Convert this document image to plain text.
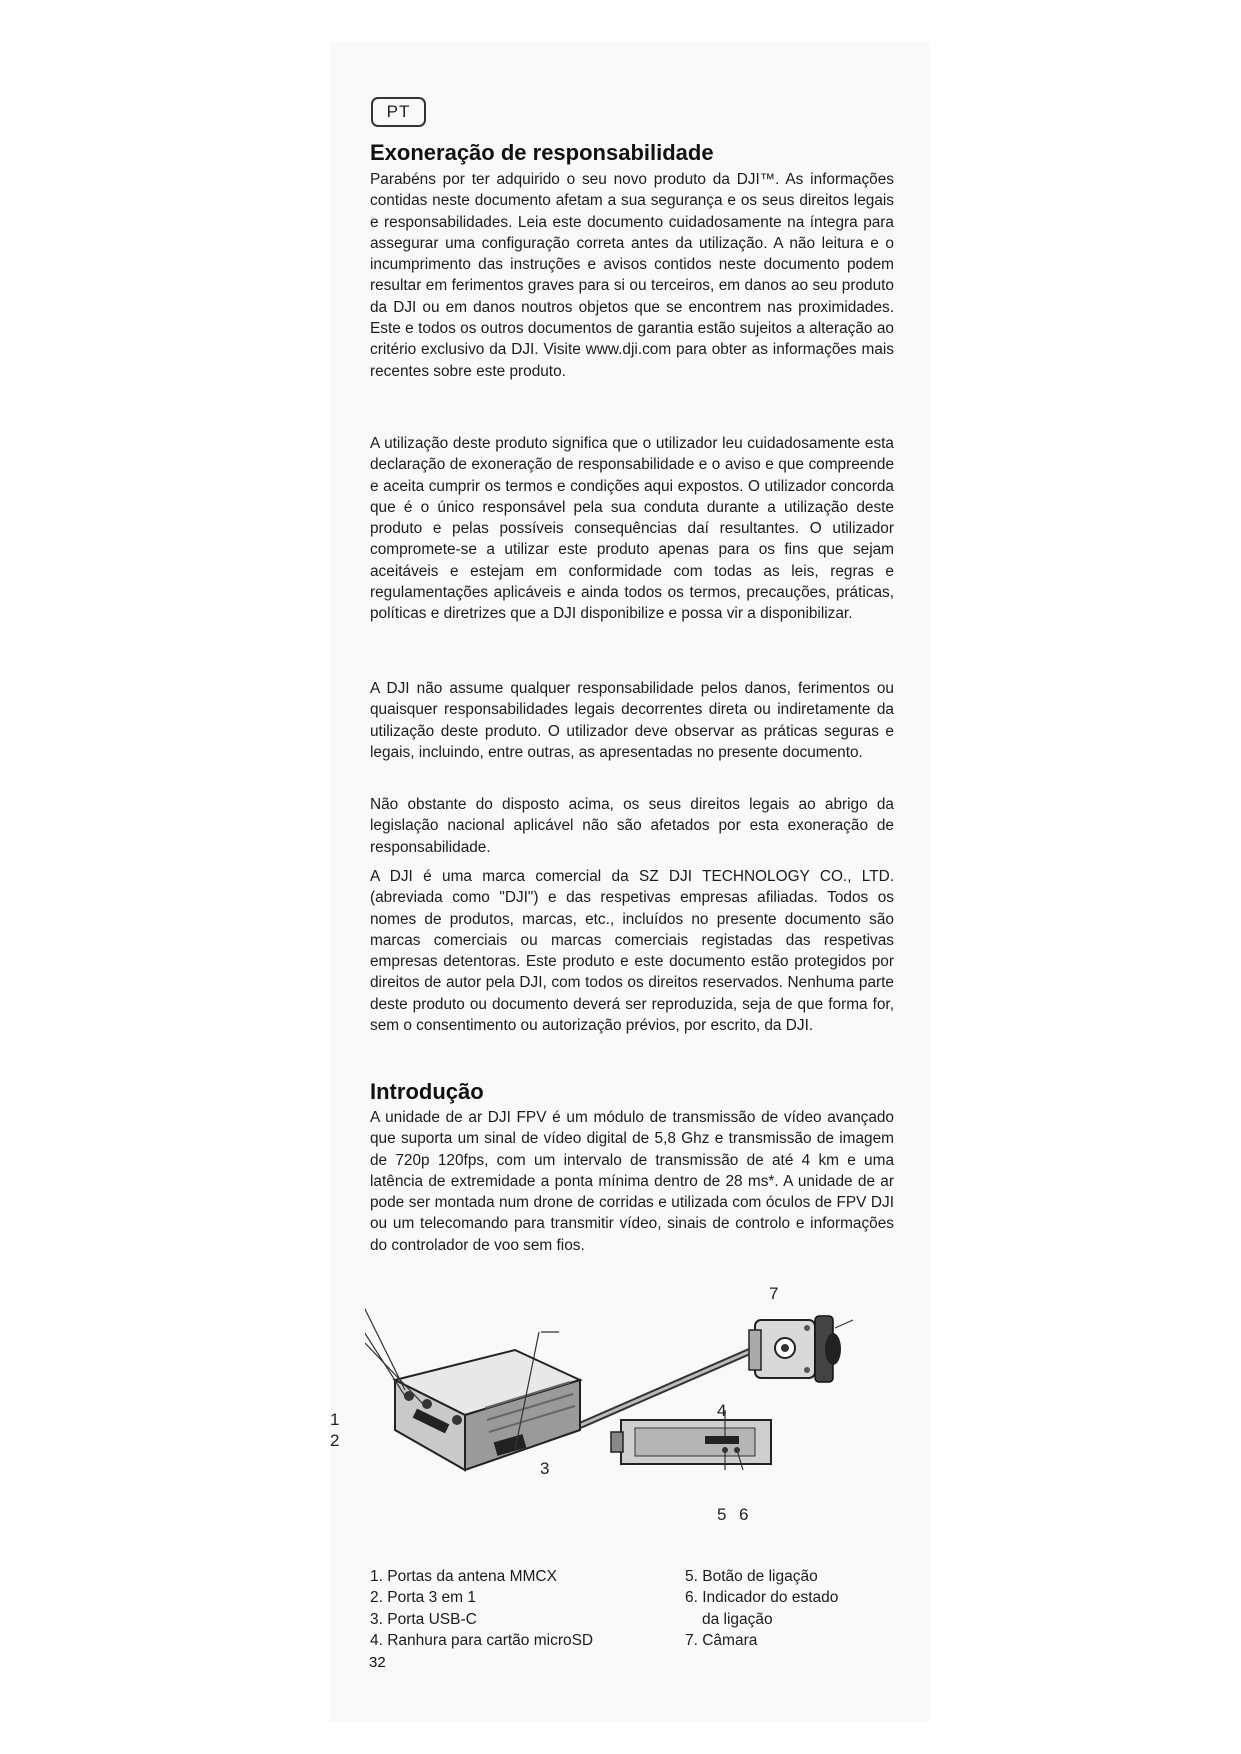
PT
Exoneração de responsabilidade

Parabéns por ter adquirido o seu novo produto da DJI™. As informações contidas neste documento afetam a sua segurança e os seus direitos legais e responsabilidades. Leia este documento cuidadosamente na íntegra para assegurar uma configuração correta antes da utilização. A não leitura e o incumprimento das instruções e avisos contidos neste documento podem resultar em ferimentos graves para si ou terceiros, em danos ao seu produto da DJI ou em danos noutros objetos que se encontrem nas proximidades. Este e todos os outros documentos de garantia estão sujeitos a alteração ao critério exclusivo da DJI. Visite www.dji.com para obter as informações mais recentes sobre este produto.

A utilização deste produto significa que o utilizador leu cuidadosamente esta declaração de exoneração de responsabilidade e o aviso e que compreende e aceita cumprir os termos e condições aqui expostos. O utilizador concorda que é o único responsável pela sua conduta durante a utilização deste produto e pelas possíveis consequências daí resultantes. O utilizador compromete-se a utilizar este produto apenas para os fins que sejam aceitáveis e estejam em conformidade com todas as leis, regras e regulamentações aplicáveis e ainda todos os termos, precauções, práticas, políticas e diretrizes que a DJI disponibilize e possa vir a disponibilizar.

A DJI não assume qualquer responsabilidade pelos danos, ferimentos ou quaisquer responsabilidades legais decorrentes direta ou indiretamente da utilização deste produto. O utilizador deve observar as práticas seguras e legais, incluindo, entre outras, as apresentadas no presente documento.

Não obstante do disposto acima, os seus direitos legais ao abrigo da legislação nacional aplicável não são afetados por esta exoneração de responsabilidade.

A DJI é uma marca comercial da SZ DJI TECHNOLOGY CO., LTD. (abreviada como "DJI") e das respetivas empresas afiliadas. Todos os nomes de produtos, marcas, etc., incluídos no presente documento são marcas comerciais ou marcas comerciais registadas das respetivas empresas detentoras. Este produto e este documento estão protegidos por direitos de autor pela DJI, com todos os direitos reservados. Nenhuma parte deste produto ou documento deverá ser reproduzida, seja de que forma for, sem o consentimento ou autorização prévios, por escrito, da DJI.

Introdução

A unidade de ar DJI FPV é um módulo de transmissão de vídeo avançado que suporta um sinal de vídeo digital de 5,8 Ghz e transmissão de imagem de 720p 120fps, com um intervalo de transmissão de até 4 km e uma latência de extremidade a ponta mínima dentro de 28 ms*. A unidade de ar pode ser montada num drone de corridas e utilizada com óculos de FPV DJI ou um telecomando para transmitir vídeo, sinais de controlo e informações do controlador de voo sem fios.

7
1
2
3
4
5 6
1. Portas da antena MMCX
2. Porta 3 em 1
3. Porta USB-C
4. Ranhura para cartão microSD
5. Botão de ligação
6. Indicador do estado
da ligação
7. Câmara
32
